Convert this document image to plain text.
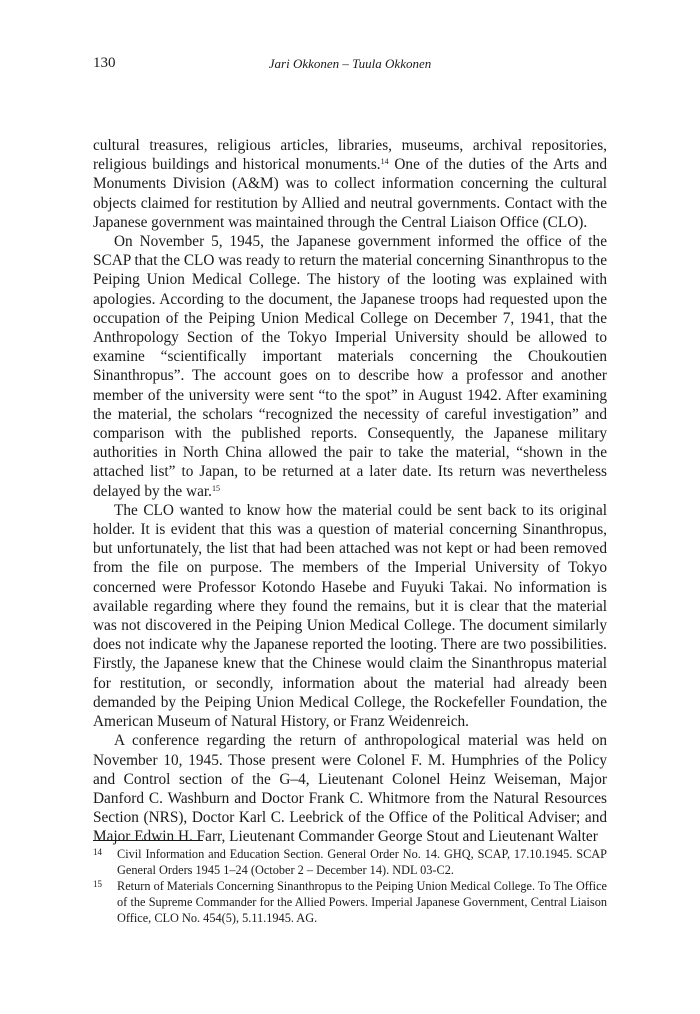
130	Jari Okkonen – Tuula Okkonen

cultural treasures, religious articles, libraries, museums, archival repositories, religious buildings and historical monuments.$^{14}$ One of the duties of the Arts and Monuments Division (A&M) was to collect information concerning the cultural objects claimed for restitution by Allied and neutral governments. Contact with the Japanese government was maintained through the Central Liaison Office (CLO).

On November 5, 1945, the Japanese government informed the office of the SCAP that the CLO was ready to return the material concerning Sinanthropus to the Peiping Union Medical College. The history of the looting was explained with apologies. According to the document, the Japanese troops had requested upon the occupation of the Peiping Union Medical College on December 7, 1941, that the Anthropology Section of the Tokyo Imperial University should be allowed to examine “scientifically important materials concerning the Choukoutien Sinanthropus”. The account goes on to describe how a professor and another member of the university were sent “to the spot” in August 1942. After examining the material, the scholars “recognized the necessity of careful investigation” and comparison with the published reports. Consequently, the Japanese military authorities in North China allowed the pair to take the material, “shown in the attached list” to Japan, to be returned at a later date. Its return was nevertheless delayed by the war.$^{15}$

The CLO wanted to know how the material could be sent back to its original holder. It is evident that this was a question of material concerning Sinanthropus, but unfortunately, the list that had been attached was not kept or had been removed from the file on purpose. The members of the Imperial University of Tokyo concerned were Professor Kotondo Hasebe and Fuyuki Takai. No information is available regarding where they found the remains, but it is clear that the material was not discovered in the Peiping Union Medical College. The document similarly does not indicate why the Japanese reported the looting. There are two possibilities. Firstly, the Japanese knew that the Chinese would claim the Sinanthropus material for restitution, or secondly, information about the material had already been demanded by the Peiping Union Medical College, the Rockefeller Foundation, the American Museum of Natural History, or Franz Weidenreich.

A conference regarding the return of anthropological material was held on November 10, 1945. Those present were Colonel F. M. Humphries of the Policy and Control section of the G–4, Lieutenant Colonel Heinz Weiseman, Major Danford C. Washburn and Doctor Frank C. Whitmore from the Natural Resources Section (NRS), Doctor Karl C. Leebrick of the Office of the Political Adviser; and Major Edwin H. Farr, Lieutenant Commander George Stout and Lieutenant Walter

14 Civil Information and Education Section. General Order No. 14. GHQ, SCAP, 17.10.1945. SCAP General Orders 1945 1–24 (October 2 – December 14). NDL 03-C2.
15 Return of Materials Concerning Sinanthropus to the Peiping Union Medical College. To The Office of the Supreme Commander for the Allied Powers. Imperial Japanese Government, Central Liaison Office, CLO No. 454(5), 5.11.1945. AG.
